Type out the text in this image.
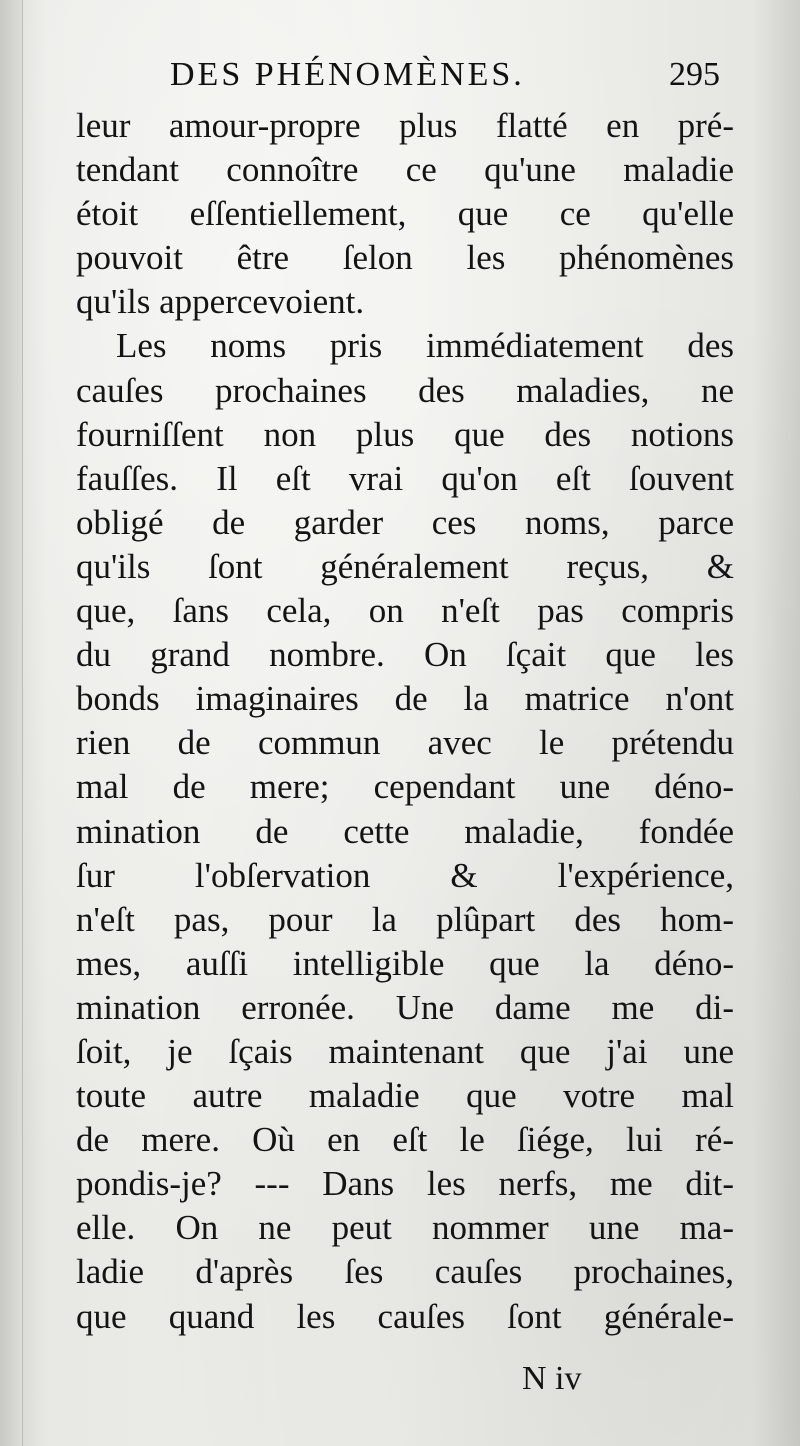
DES PHÉNOMÈNES.	295
leur amour-propre plus flatté en pré-
tendant connoître ce qu'une maladie
étoit eſſentiellement, que ce qu'elle
pouvoit être ſelon les phénomènes
qu'ils appercevoient.
Les noms pris immédiatement des
cauſes prochaines des maladies, ne
fourniſſent non plus que des notions
fauſſes. Il eſt vrai qu'on eſt ſouvent
obligé de garder ces noms, parce
qu'ils ſont généralement reçus, &
que, ſans cela, on n'eſt pas compris
du grand nombre. On ſçait que les
bonds imaginaires de la matrice n'ont
rien de commun avec le prétendu
mal de mere; cependant une déno-
mination de cette maladie, fondée
ſur l'obſervation & l'expérience,
n'eſt pas, pour la plûpart des hom-
mes, auſſi intelligible que la déno-
mination erronée. Une dame me di-
ſoit, je ſçais maintenant que j'ai une
toute autre maladie que votre mal
de mere. Où en eſt le ſiége, lui ré-
pondis-je? --- Dans les nerfs, me dit-
elle. On ne peut nommer une ma-
ladie d'après ſes cauſes prochaines,
que quand les cauſes ſont générale-
N iv
